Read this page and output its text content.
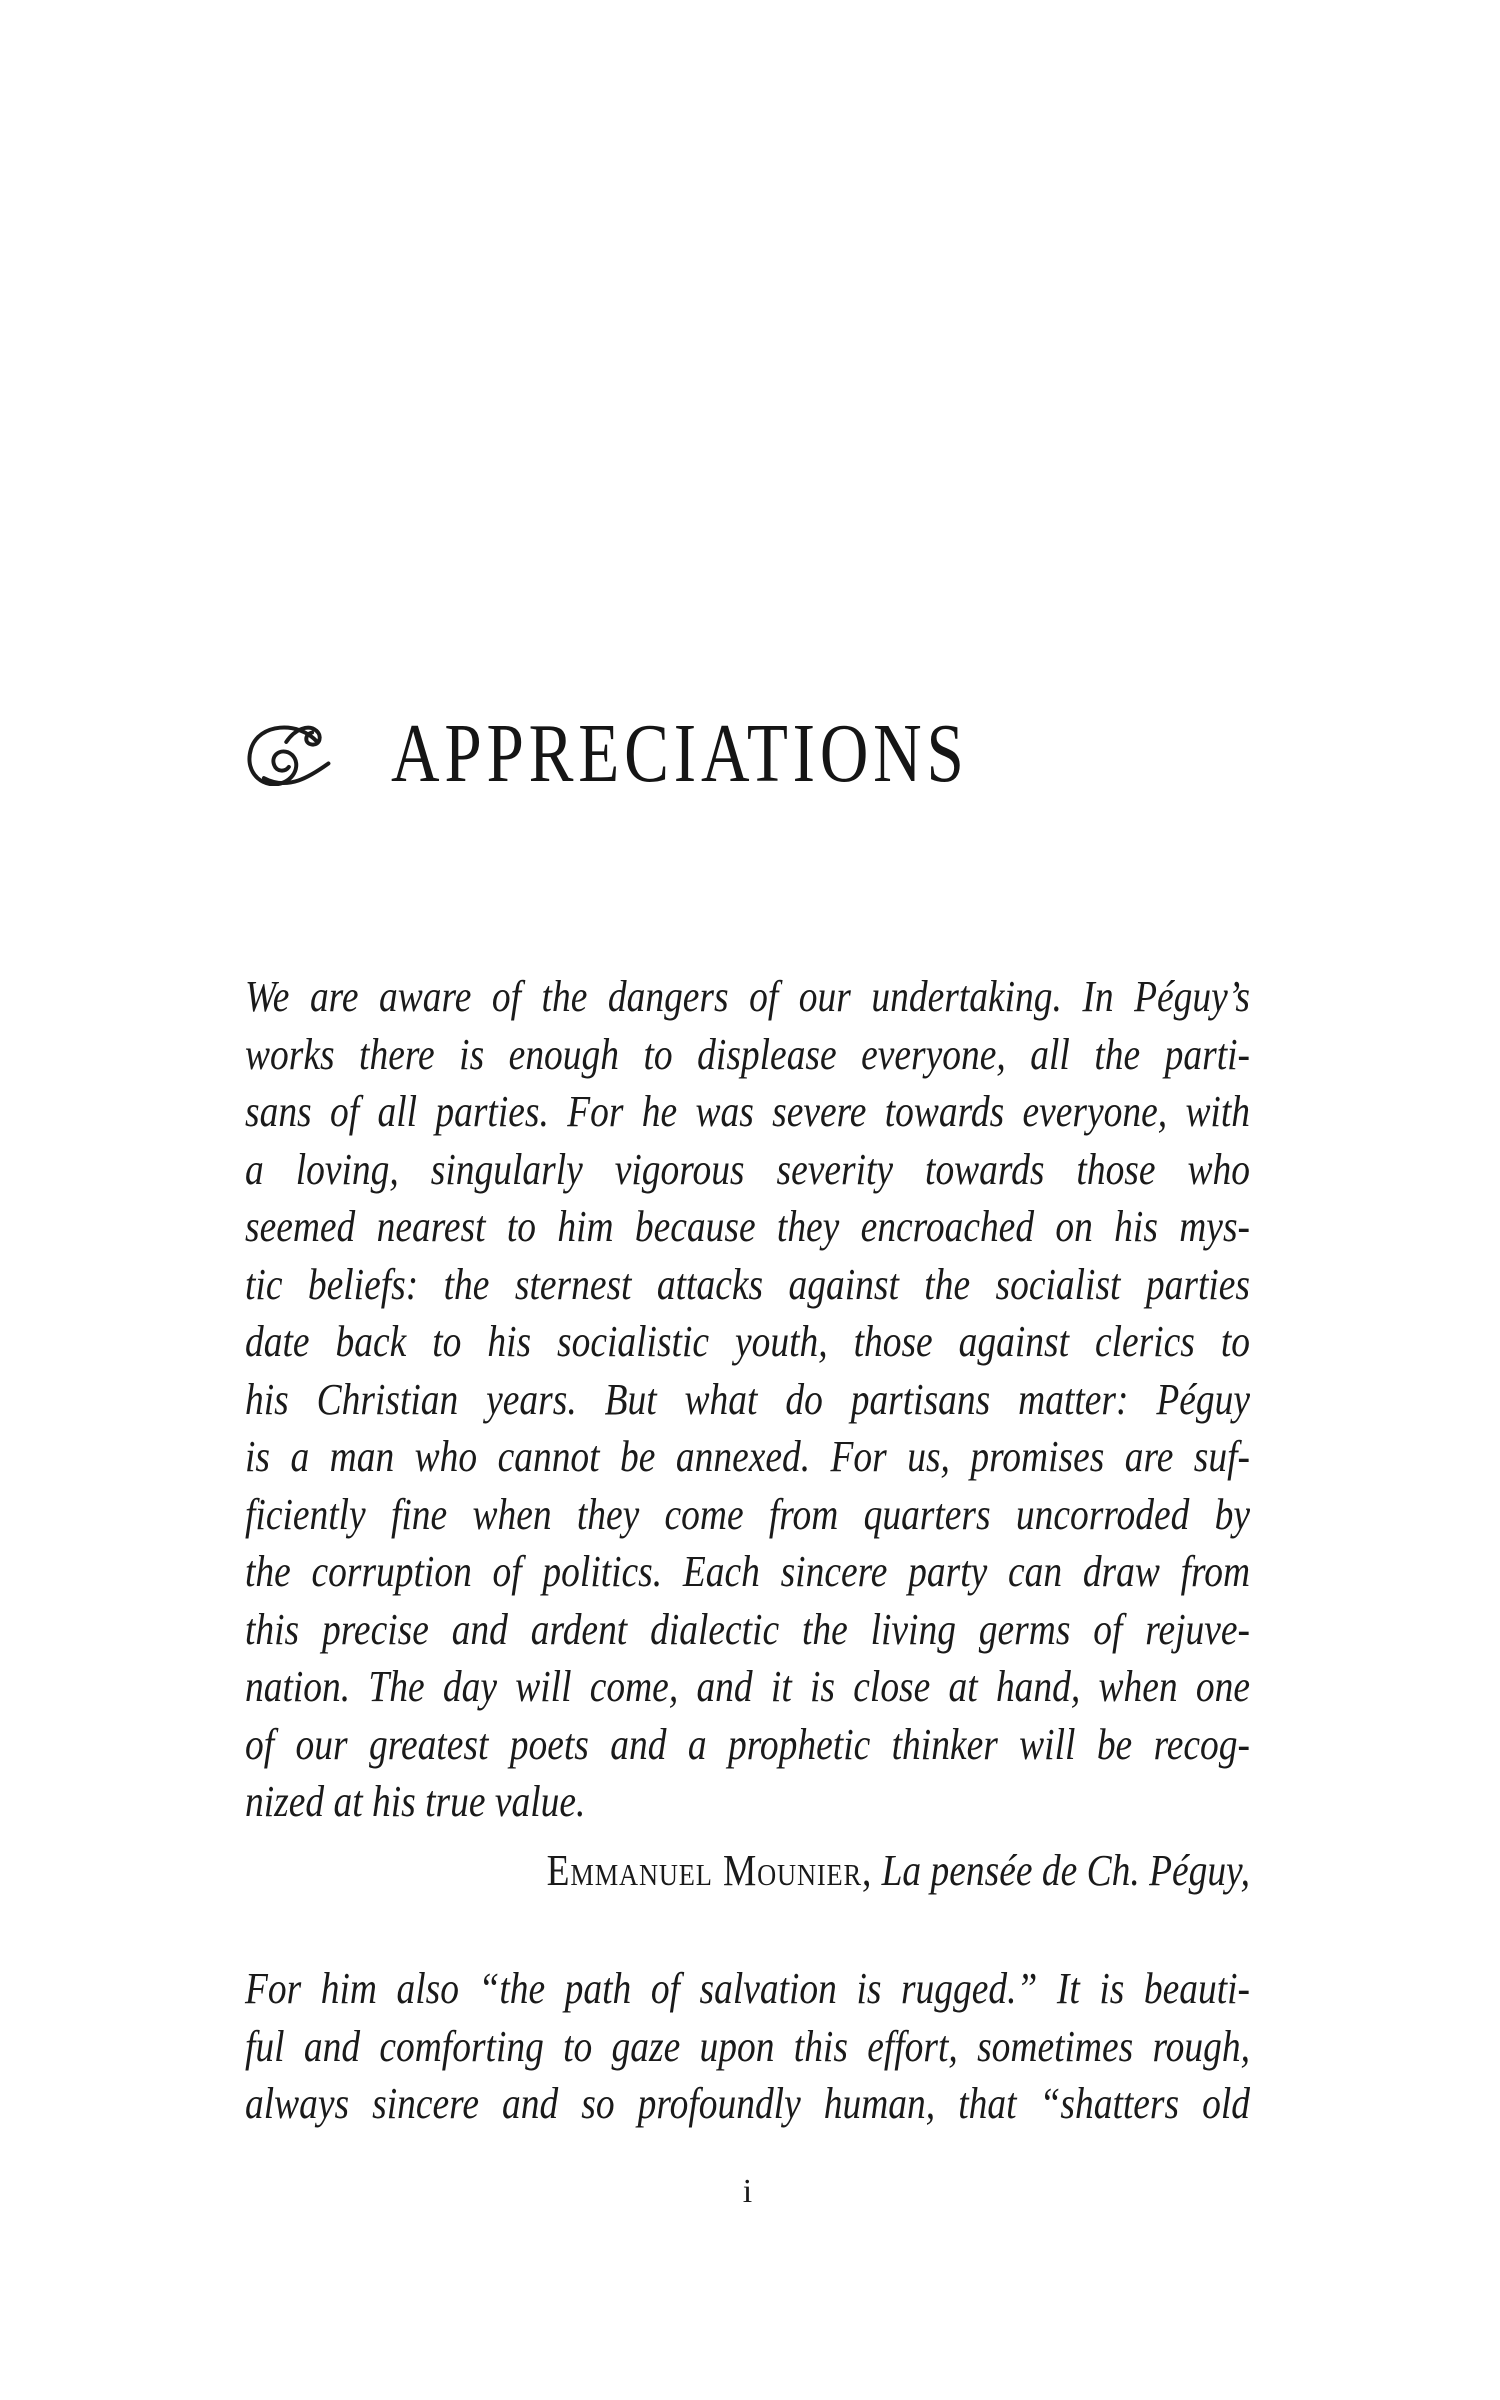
APPRECIATIONS
We are aware of the dangers of our undertaking. In Péguy’s
works there is enough to displease everyone, all the parti-
sans of all parties. For he was severe towards everyone, with
a loving, singularly vigorous severity towards those who
seemed nearest to him because they encroached on his mys-
tic beliefs: the sternest attacks against the socialist parties
date back to his socialistic youth, those against clerics to
his Christian years. But what do partisans matter: Péguy
is a man who cannot be annexed. For us, promises are suf-
ficiently fine when they come from quarters uncorroded by
the corruption of politics. Each sincere party can draw from
this precise and ardent dialectic the living germs of rejuve-
nation. The day will come, and it is close at hand, when one
of our greatest poets and a prophetic thinker will be recog-
nized at his true value.
Emmanuel Mounier, La pensée de Ch. Péguy,
For him also “the path of salvation is rugged.” It is beauti-
ful and comforting to gaze upon this effort, sometimes rough,
always sincere and so profoundly human, that “shatters old
i
